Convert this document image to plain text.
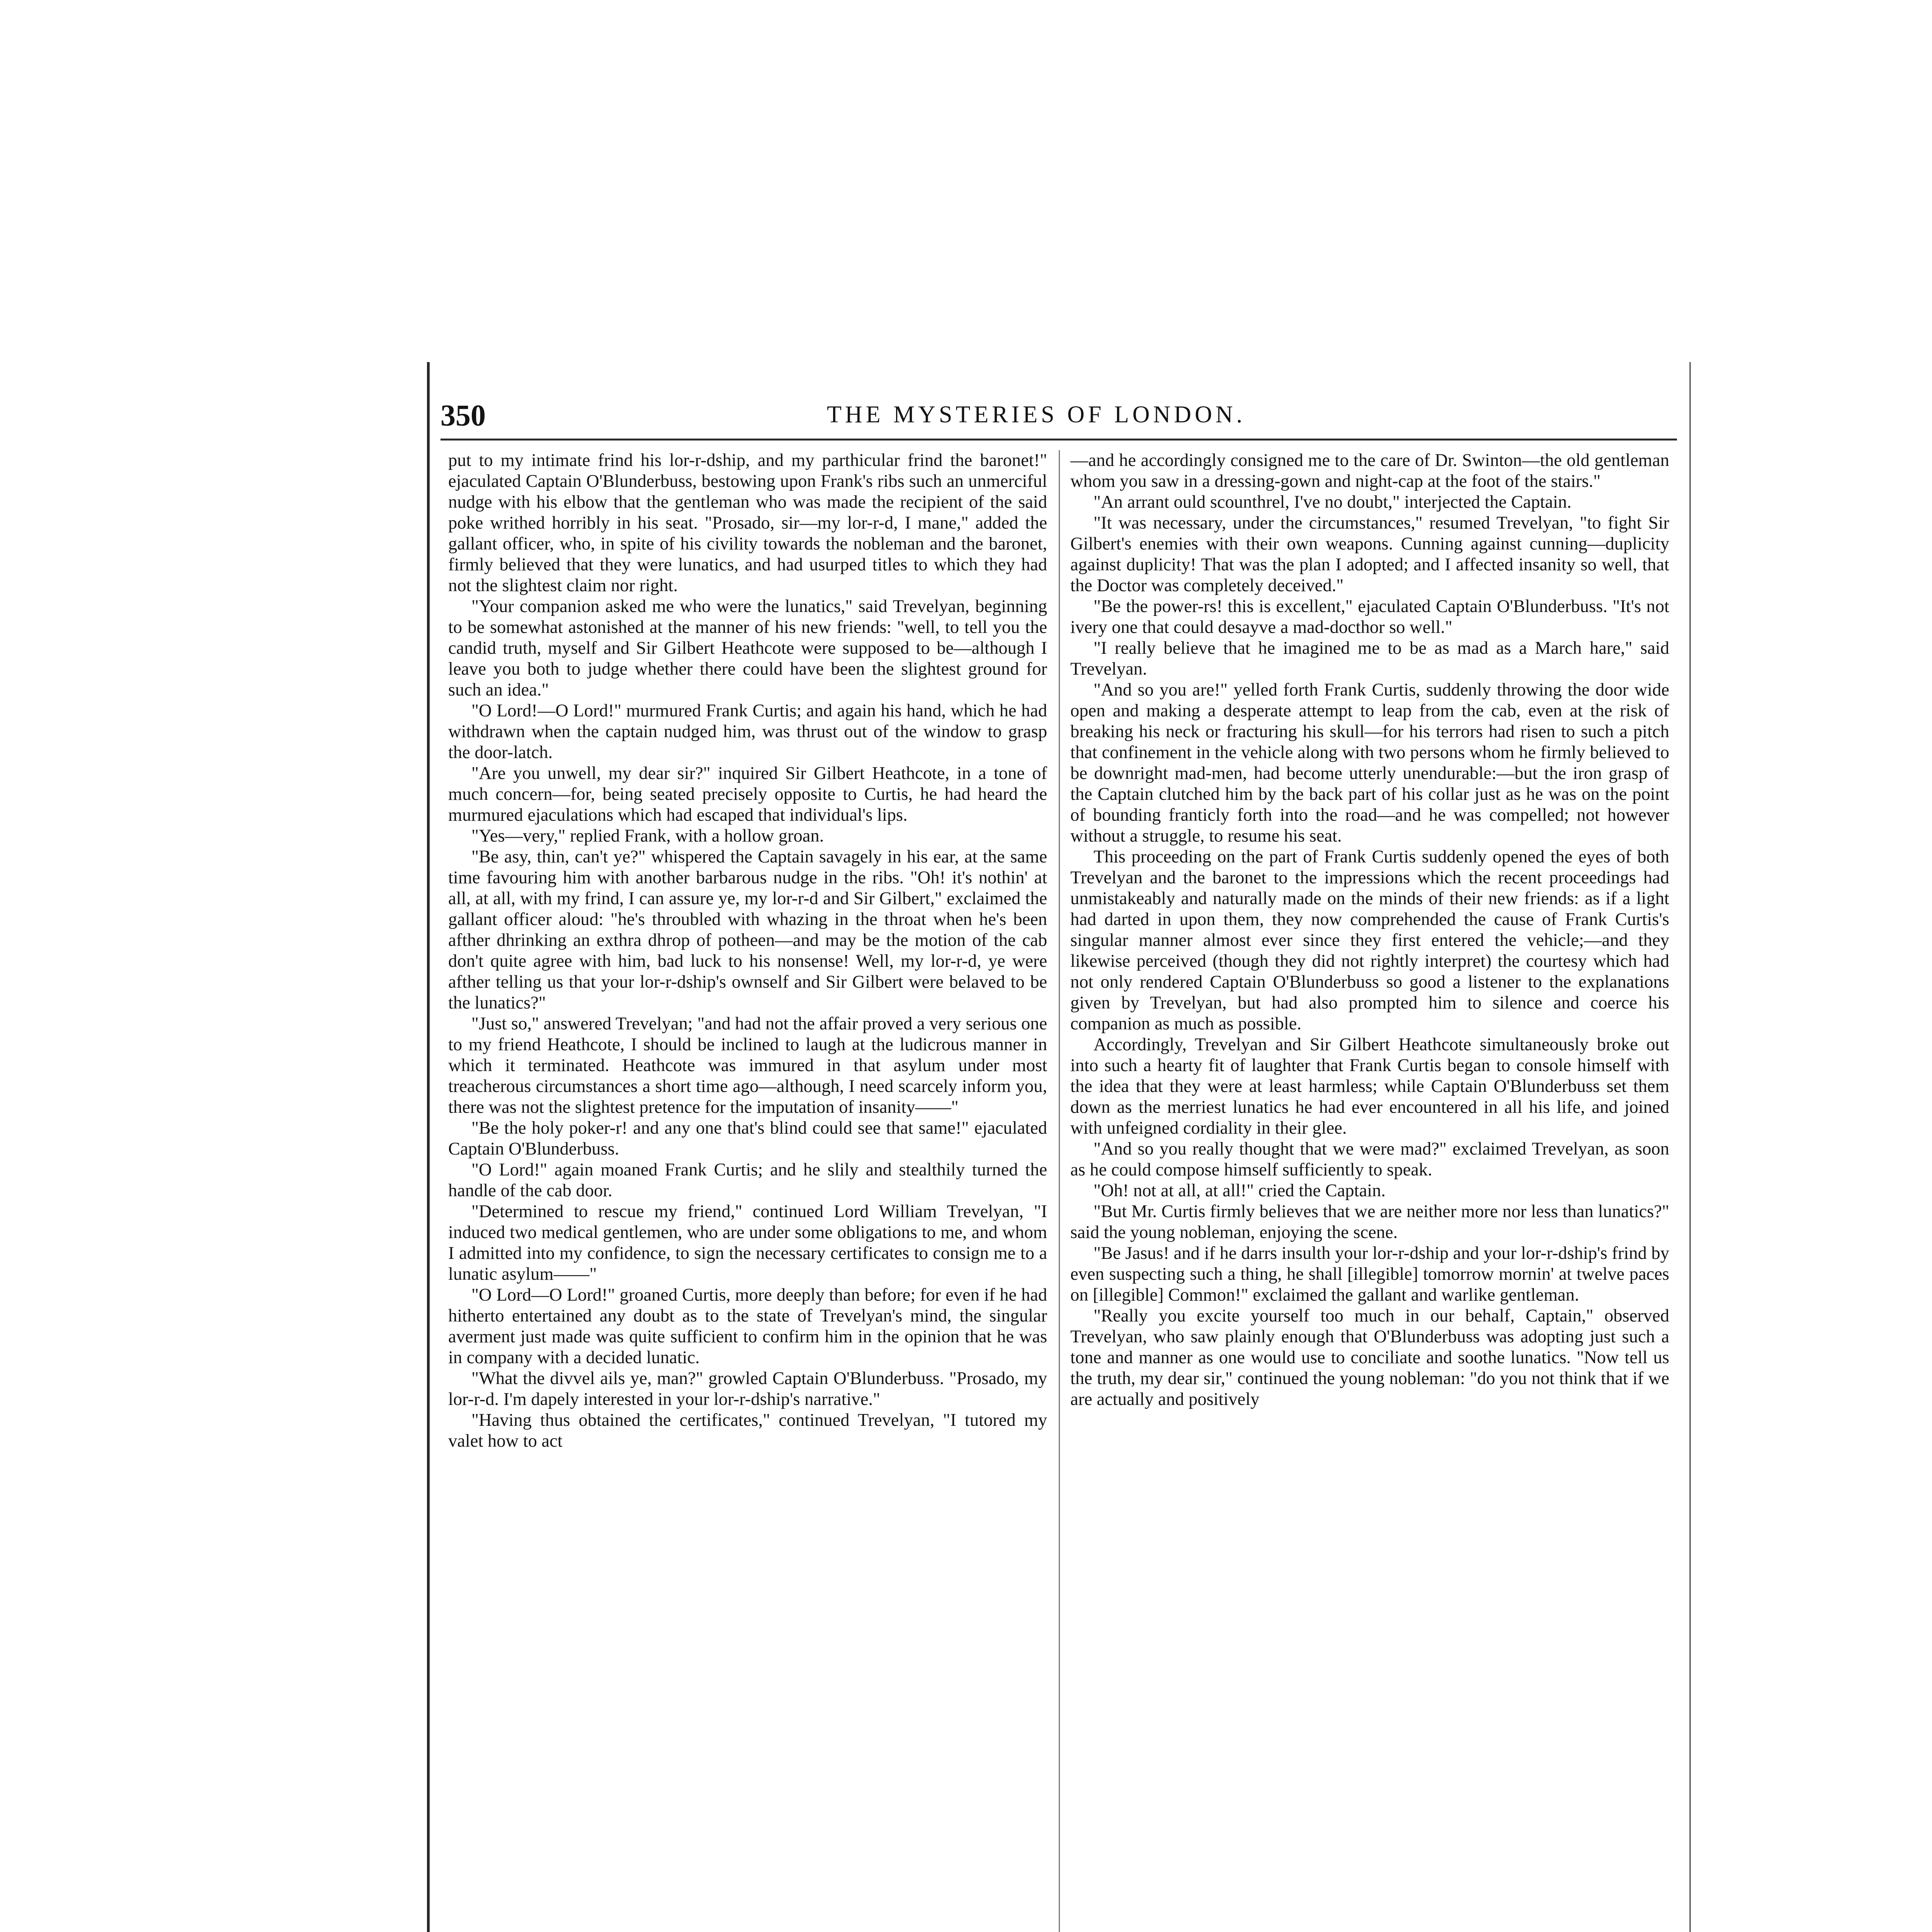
350	THE MYSTERIES OF LONDON.

put to my intimate frind his lor-r-dship, and my parthicular frind the baronet!" ejaculated Captain O'Blunderbuss, bestowing upon Frank's ribs such an unmerciful nudge with his elbow that the gentleman who was made the recipient of the said poke writhed horribly in his seat. "Prosado, sir—my lor-r-d, I mane," added the gallant officer, who, in spite of his civility towards the nobleman and the baronet, firmly believed that they were lunatics, and had usurped titles to which they had not the slightest claim nor right.

"Your companion asked me who were the lunatics," said Trevelyan, beginning to be somewhat astonished at the manner of his new friends: "well, to tell you the candid truth, myself and Sir Gilbert Heathcote were supposed to be—although I leave you both to judge whether there could have been the slightest ground for such an idea."

"O Lord!—O Lord!" murmured Frank Curtis; and again his hand, which he had withdrawn when the captain nudged him, was thrust out of the window to grasp the door-latch.

"Are you unwell, my dear sir?" inquired Sir Gilbert Heathcote, in a tone of much concern—for, being seated precisely opposite to Curtis, he had heard the murmured ejaculations which had escaped that individual's lips.

"Yes—very," replied Frank, with a hollow groan.

"Be asy, thin, can't ye?" whispered the Captain savagely in his ear, at the same time favouring him with another barbarous nudge in the ribs. "Oh! it's nothin' at all, at all, with my frind, I can assure ye, my lor-r-d and Sir Gilbert," exclaimed the gallant officer aloud: "he's throubled with whazing in the throat when he's been afther dhrinking an exthra dhrop of potheen—and may be the motion of the cab don't quite agree with him, bad luck to his nonsense! Well, my lor-r-d, ye were afther telling us that your lor-r-dship's ownself and Sir Gilbert were belaved to be the lunatics?"

"Just so," answered Trevelyan; "and had not the affair proved a very serious one to my friend Heathcote, I should be inclined to laugh at the ludicrous manner in which it terminated. Heathcote was immured in that asylum under most treacherous circumstances a short time ago—although, I need scarcely inform you, there was not the slightest pretence for the imputation of insanity——"

"Be the holy poker-r! and any one that's blind could see that same!" ejaculated Captain O'Blunderbuss.

"O Lord!" again moaned Frank Curtis; and he slily and stealthily turned the handle of the cab door.

"Determined to rescue my friend," continued Lord William Trevelyan, "I induced two medical gentlemen, who are under some obligations to me, and whom I admitted into my confidence, to sign the necessary certificates to consign me to a lunatic asylum——"

"O Lord—O Lord!" groaned Curtis, more deeply than before; for even if he had hitherto entertained any doubt as to the state of Trevelyan's mind, the singular averment just made was quite sufficient to confirm him in the opinion that he was in company with a decided lunatic.

"What the divvel ails ye, man?" growled Captain O'Blunderbuss. "Prosado, my lor-r-d. I'm dapely interested in your lor-r-dship's narrative."

"Having thus obtained the certificates," continued Trevelyan, "I tutored my valet how to act

—and he accordingly consigned me to the care of Dr. Swinton—the old gentleman whom you saw in a dressing-gown and night-cap at the foot of the stairs."

"An arrant ould scounthrel, I've no doubt," interjected the Captain.

"It was necessary, under the circumstances," resumed Trevelyan, "to fight Sir Gilbert's enemies with their own weapons. Cunning against cunning—duplicity against duplicity! That was the plan I adopted; and I affected insanity so well, that the Doctor was completely deceived."

"Be the power-rs! this is excellent," ejaculated Captain O'Blunderbuss. "It's not ivery one that could desayve a mad-docthor so well."

"I really believe that he imagined me to be as mad as a March hare," said Trevelyan.

"And so you are!" yelled forth Frank Curtis, suddenly throwing the door wide open and making a desperate attempt to leap from the cab, even at the risk of breaking his neck or fracturing his skull—for his terrors had risen to such a pitch that confinement in the vehicle along with two persons whom he firmly believed to be downright mad-men, had become utterly unendurable:—but the iron grasp of the Captain clutched him by the back part of his collar just as he was on the point of bounding franticly forth into the road—and he was compelled; not however without a struggle, to resume his seat.

This proceeding on the part of Frank Curtis suddenly opened the eyes of both Trevelyan and the baronet to the impressions which the recent proceedings had unmistakeably and naturally made on the minds of their new friends: as if a light had darted in upon them, they now comprehended the cause of Frank Curtis's singular manner almost ever since they first entered the vehicle;—and they likewise perceived (though they did not rightly interpret) the courtesy which had not only rendered Captain O'Blunderbuss so good a listener to the explanations given by Trevelyan, but had also prompted him to silence and coerce his companion as much as possible.

Accordingly, Trevelyan and Sir Gilbert Heathcote simultaneously broke out into such a hearty fit of laughter that Frank Curtis began to console himself with the idea that they were at least harmless; while Captain O'Blunderbuss set them down as the merriest lunatics he had ever encountered in all his life, and joined with unfeigned cordiality in their glee.

"And so you really thought that we were mad?" exclaimed Trevelyan, as soon as he could compose himself sufficiently to speak.

"Oh! not at all, at all!" cried the Captain.

"But Mr. Curtis firmly believes that we are neither more nor less than lunatics?" said the young nobleman, enjoying the scene.

"Be Jasus! and if he darrs insulth your lor-r-dship and your lor-r-dship's frind by even suspecting such a thing, he shall [illegible] tomorrow mornin' at twelve paces on [illegible] Common!" exclaimed the gallant and warlike gentleman.

"Really you excite yourself too much in our behalf, Captain," observed Trevelyan, who saw plainly enough that O'Blunderbuss was adopting just such a tone and manner as one would use to conciliate and soothe lunatics. "Now tell us the truth, my dear sir," continued the young nobleman: "do you not think that if we are actually and positively
